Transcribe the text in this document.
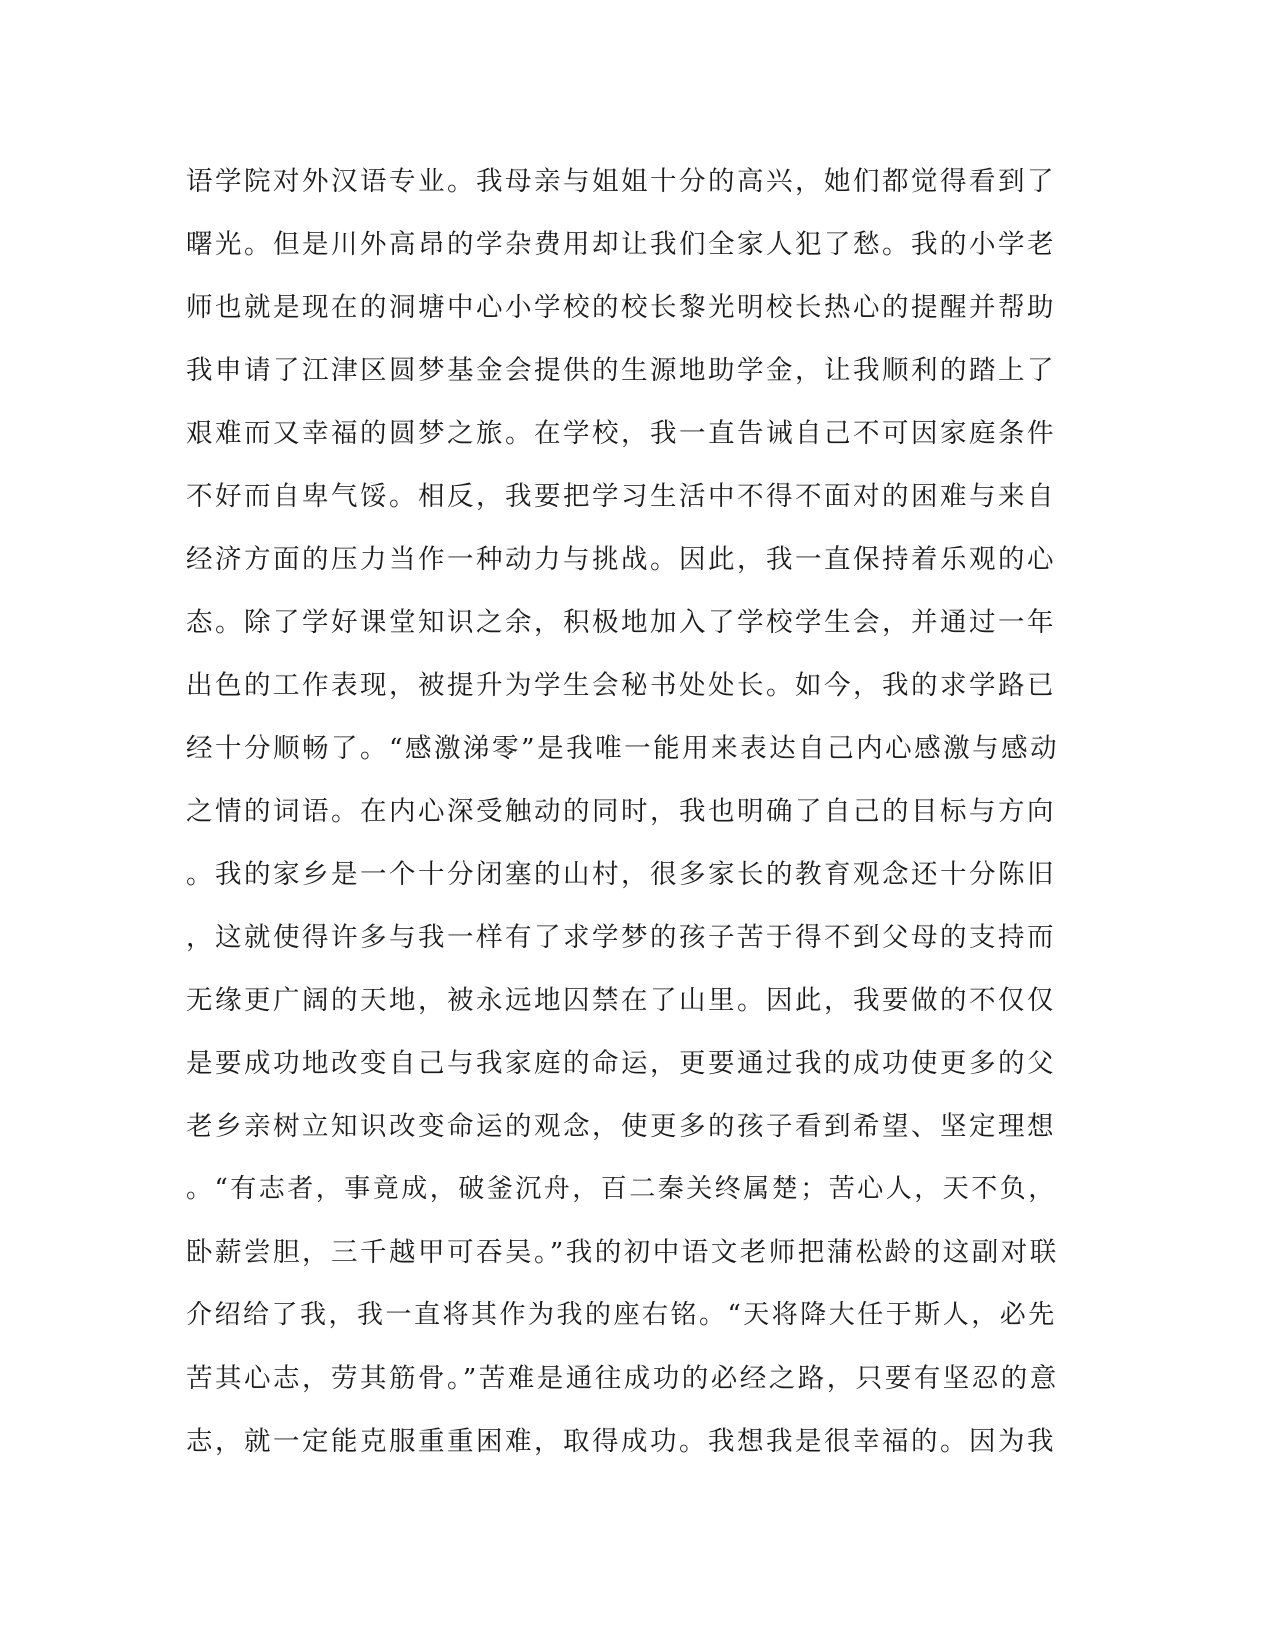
语学院对外汉语专业。我母亲与姐姐十分的高兴，她们都觉得看到了
曙光。但是川外高昂的学杂费用却让我们全家人犯了愁。我的小学老
师也就是现在的洞塘中心小学校的校长黎光明校长热心的提醒并帮助
我申请了江津区圆梦基金会提供的生源地助学金，让我顺利的踏上了
艰难而又幸福的圆梦之旅。在学校，我一直告诫自己不可因家庭条件
不好而自卑气馁。相反，我要把学习生活中不得不面对的困难与来自
经济方面的压力当作一种动力与挑战。因此，我一直保持着乐观的心
态。除了学好课堂知识之余，积极地加入了学校学生会，并通过一年
出色的工作表现，被提升为学生会秘书处处长。如今，我的求学路已
经十分顺畅了。“感激涕零”是我唯一能用来表达自己内心感激与感动
之情的词语。在内心深受触动的同时，我也明确了自己的目标与方向
。我的家乡是一个十分闭塞的山村，很多家长的教育观念还十分陈旧
，这就使得许多与我一样有了求学梦的孩子苦于得不到父母的支持而
无缘更广阔的天地，被永远地囚禁在了山里。因此，我要做的不仅仅
是要成功地改变自己与我家庭的命运，更要通过我的成功使更多的父
老乡亲树立知识改变命运的观念，使更多的孩子看到希望、坚定理想
。“有志者，事竟成，破釜沉舟，百二秦关终属楚；苦心人，天不负，
卧薪尝胆，三千越甲可吞吴。”我的初中语文老师把蒲松龄的这副对联
介绍给了我，我一直将其作为我的座右铭。“天将降大任于斯人，必先
苦其心志，劳其筋骨。”苦难是通往成功的必经之路，只要有坚忍的意
志，就一定能克服重重困难，取得成功。我想我是很幸福的。因为我
